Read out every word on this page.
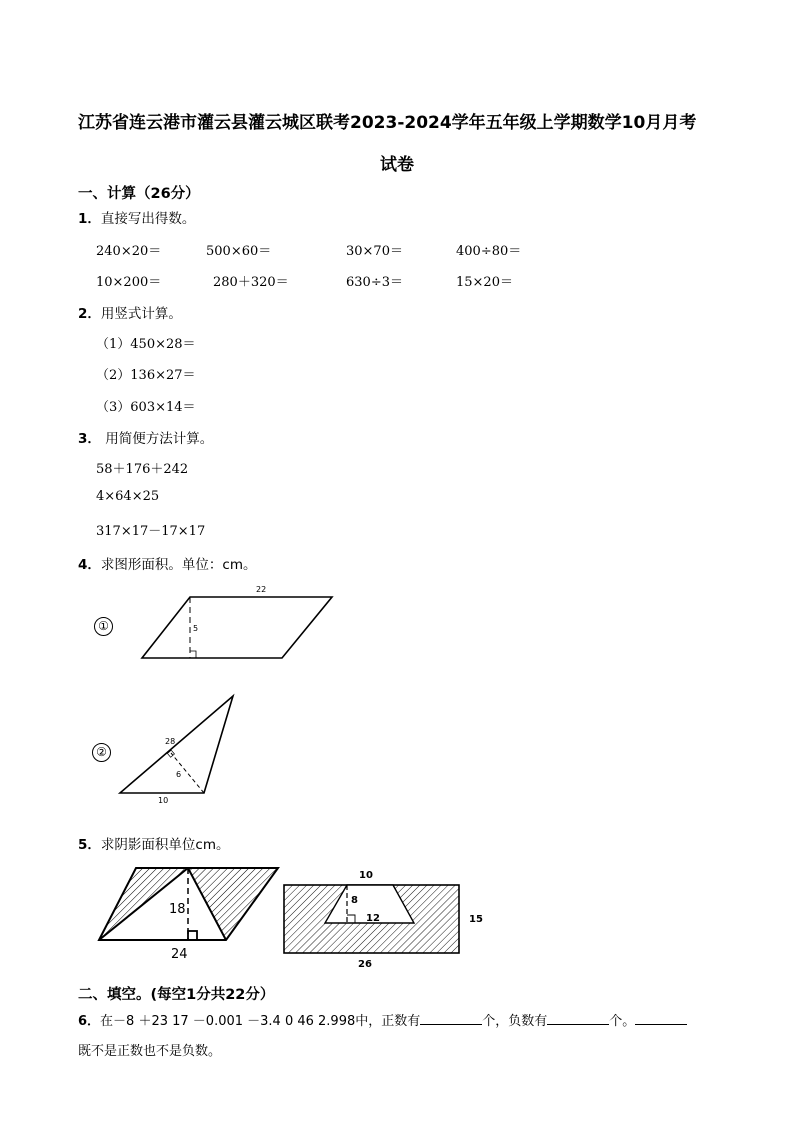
江苏省连云港市灌云县灌云城区联考2023-2024学年五年级上学期数学10月月考
试卷
一、计算（26分）
1．直接写出得数。
240×20＝	500×60＝	30×70＝	400÷80＝
10×200＝	280＋320＝	630÷3＝	15×20＝
2．用竖式计算。
（1）450×28＝
（2）136×27＝
（3）603×14＝
3． 用简便方法计算。
58＋176＋242
4×64×25
317×17－17×17
4．求图形面积。单位：cm。
①
22
5
②
28
6
10
5．求阴影面积单位cm。
18
24
10
8
12	15
26
二、填空。(每空1分共22分）
6．在－8 ＋23 17 －0.001 －3.4 0 46 2.998中，正数有	个，负数有	个。
既不是正数也不是负数。
